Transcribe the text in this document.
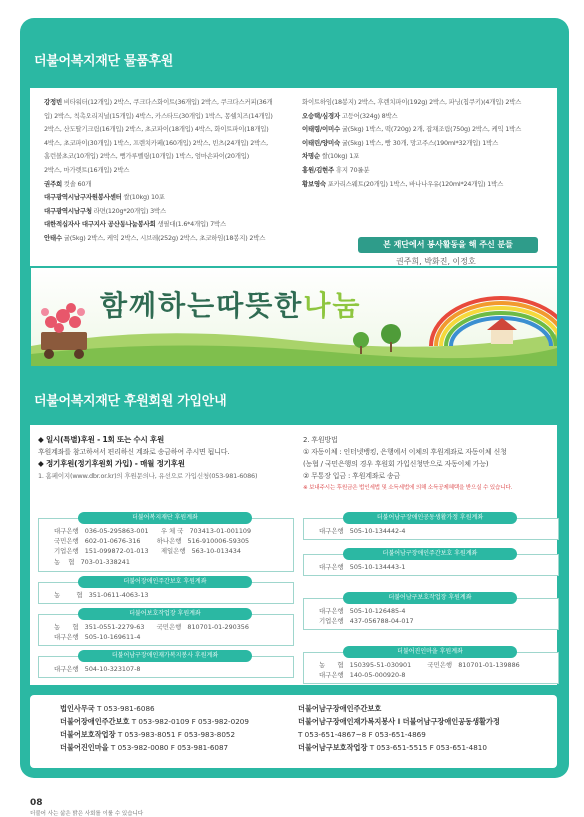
더불어복지재단 물품후원
강정빈 비타워터(12개입) 2박스, 쿠크다스화이트(36개입) 2박스, 쿠크다스커피(36개
입) 2박스, 칙촉오리지널(15개입) 4박스, 카스타드(30개입) 1박스, 몽쉘치즈(14개입)
2박스, 산도딸기크림(16개입) 2박스, 초코파이(18개입) 4박스, 화이트파이(18개입)
4박스, 초코파이(30개입) 1박스, 프렌치카페(160개입) 2박스, 빈츠(24개입) 2박스,
홈런볼초코(10개입) 2박스, 뻥가루벨링(10개입) 1박스, 엄마손파이(20개입)
2박스, 마가렛트(16개입) 2박스
권주희 컷솔 60개
대구광역시남구자원봉사센터 쌀(10kg) 10포
대구광역시남구청 라면(120g*20개입) 3박스
대한적십자사 대구지사 공산동나눔봉사회 생필대(1.6*4개입) 7박스
안태수 귤(5kg) 2박스, 케익 2박스, 시브레(252g) 2박스, 초코하임(18봉지) 2박스
화이트하임(18봉지) 2박스, 후렌치파이(192g) 2박스, 파닝(칩쿠키)(4개입) 2박스
오승택/심경자 고등어(324g) 8박스
이태령/이미수 귤(5kg) 1박스, 떡(720g) 2개, 잡채조림(750g) 2박스, 케익 1박스
이태린/양미숙 귤(5kg) 1박스, 빵 30개, 망고주스(190ml*32개입) 1박스
차명순 쌀(10kg) 1포
홍원/김현주 휴지 70롤분
황보영숙 포카리스웨트(20개입) 1박스, 바나나우유(120ml*24개입) 1박스
본 재단에서 봉사활동을 해 주신 분들
권주희, 박화진, 이정호
함께하는따뜻한나눔
더불어복지재단 후원회원 가입안내
◆ 일시(특별)후원 - 1회 또는 수시 후원
후원계좌를 참고하셔서 편리하신 계좌로 송금하여 주시면 됩니다.
◆ 정기후원(정기후원회 가입) - 매월 정기후원
1. 홈페이지(www.dbr.or.kr)의 후원문의나, 유선으로 가입신청(053-981-6086)
2. 후원방법
① 자동이체 : 인터넷뱅킹, 은행에서 이체의 후원계좌로 자동이체 신청
(농협 / 국민은행의 경우 후원회 가입신청만으로 자동이체 가능)
② 무통장 입금 : 후원계좌로 송금
※ 보내주시는 후원금은 법인세법 및 소득세법에 의해 소득공제혜택을 받으실 수 있습니다.
더불어복지재단 후원계좌
대구은행   036-05-295863-001      우 체 국   703413-01-001109
국민은행   602-01-0676-316        하나은행   516-910006-59305
기업은행   151-099872-01-013      제일은행   563-10-013434
농    협   703-01-338241
더불어장애인주간보호 후원계좌
농        협   351-0611-4063-13
더불어보호작업장 후원계좌
농      협   351-0551-2279-63      국민은행   810701-01-290356
대구은행   505-10-169611-4
더불어남구장애인재가복지봉사 후원계좌
대구은행   504-10-323107-8
더불어남구장애인공동생활가정 후원계좌
대구은행   505-10-134442-4
더불어남구장애인주간보호 후원계좌
대구은행   505-10-134443-1
더불어남구보호작업장 후원계좌
대구은행   505-10-126485-4
기업은행   437-056788-04-017
더불어진인마을 후원계좌
농      협   150395-51-030901        국민은행   810701-01-139886
대구은행   140-05-000920-8
법인사무국 T 053-981-6086
더불어장애인주간보호 T 053-982-0109 F 053-982-0209
더불어보호작업장 T 053-983-8051 F 053-983-8052
더불어진인마을 T 053-982-0080 F 053-981-6087
더불어남구장애인주간보호
더불어남구장애인재가복지봉사 l 더불어남구장애인공동생활가정
T 053-651-4867~8 F 053-651-4869
더불어남구보호작업장 T 053-651-5515 F 053-651-4810
08
더불어 사는 삶은 밝은 사회를 이룰 수 있습니다
